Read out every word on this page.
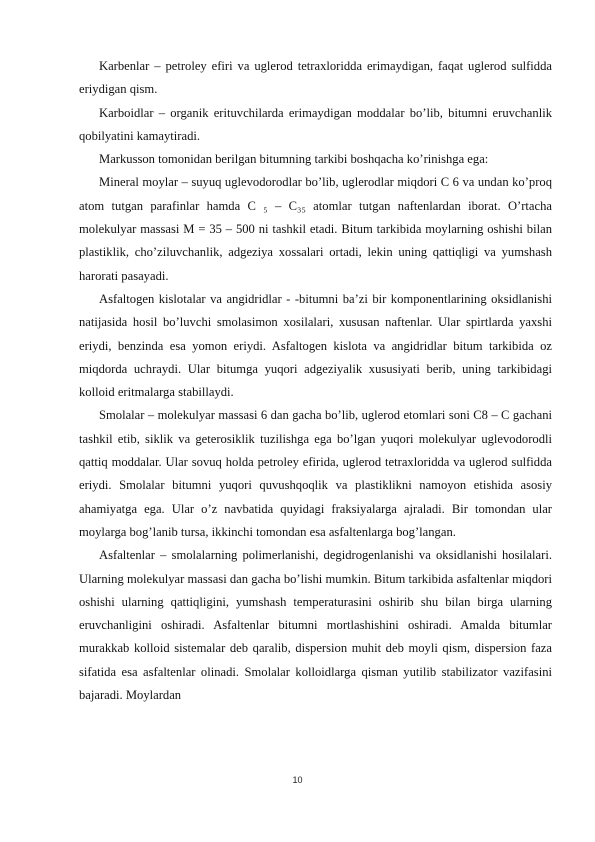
Karbenlar – petroley efiri va uglerod tetraxloridda erimaydigan, faqat uglerod sulfidda eriydigan qism.

Karboidlar – organik erituvchilarda erimaydigan moddalar bo’lib, bitumni eruvchanlik qobilyatini kamaytiradi.

Markusson tomonidan berilgan bitumning tarkibi boshqacha ko’rinishga ega:

Mineral moylar – suyuq uglevodorodlar bo’lib, uglerodlar miqdori C 6 va undan ko’proq atom tutgan parafinlar hamda C ₅ – C₃₅ atomlar tutgan naftenlardan iborat. O’rtacha molekulyar massasi M = 35 – 500 ni tashkil etadi. Bitum tarkibida moylarning oshishi bilan plastiklik, cho’ziluvchanlik, adgeziya xossalari ortadi, lekin uning qattiqligi va yumshash harorati pasayadi.

Asfaltogen kislotalar va angidridlar - -bitumni ba’zi bir komponentlarining oksidlanishi natijasida hosil bo’luvchi smolasimon xosilalari, xususan naftenlar. Ular spirtlarda yaxshi eriydi, benzinda esa yomon eriydi. Asfaltogen kislota va angidridlar bitum tarkibida oz miqdorda uchraydi. Ular bitumga yuqori adgeziyalik xususiyati berib, uning tarkibidagi kolloid eritmalarga stabillaydi.

Smolalar – molekulyar massasi 6 dan gacha bo’lib, uglerod etomlari soni C8 – C gachani tashkil etib, siklik va geterosiklik tuzilishga ega bo’lgan yuqori molekulyar uglevodorodli qattiq moddalar. Ular sovuq holda petroley efirida, uglerod tetraxloridda va uglerod sulfidda eriydi. Smolalar bitumni yuqori quvushqoqlik va plastiklikni namoyon etishida asosiy ahamiyatga ega. Ular o’z navbatida quyidagi fraksiyalarga ajraladi. Bir tomondan ular moylarga bog’lanib tursa, ikkinchi tomondan esa asfaltenlarga bog’langan.

Asfaltenlar – smolalarning polimerlanishi, degidrogenlanishi va oksidlanishi hosilalari. Ularning molekulyar massasi dan gacha bo’lishi mumkin. Bitum tarkibida asfaltenlar miqdori oshishi ularning qattiqligini, yumshash temperaturasini oshirib shu bilan birga ularning eruvchanligini oshiradi. Asfaltenlar bitumni mortlashishini oshiradi. Amalda bitumlar murakkab kolloid sistemalar deb qaralib, dispersion muhit deb moyli qism, dispersion faza sifatida esa asfaltenlar olinadi. Smolalar kolloidlarga qisman yutilib stabilizator vazifasini bajaradi. Moylardan

10
